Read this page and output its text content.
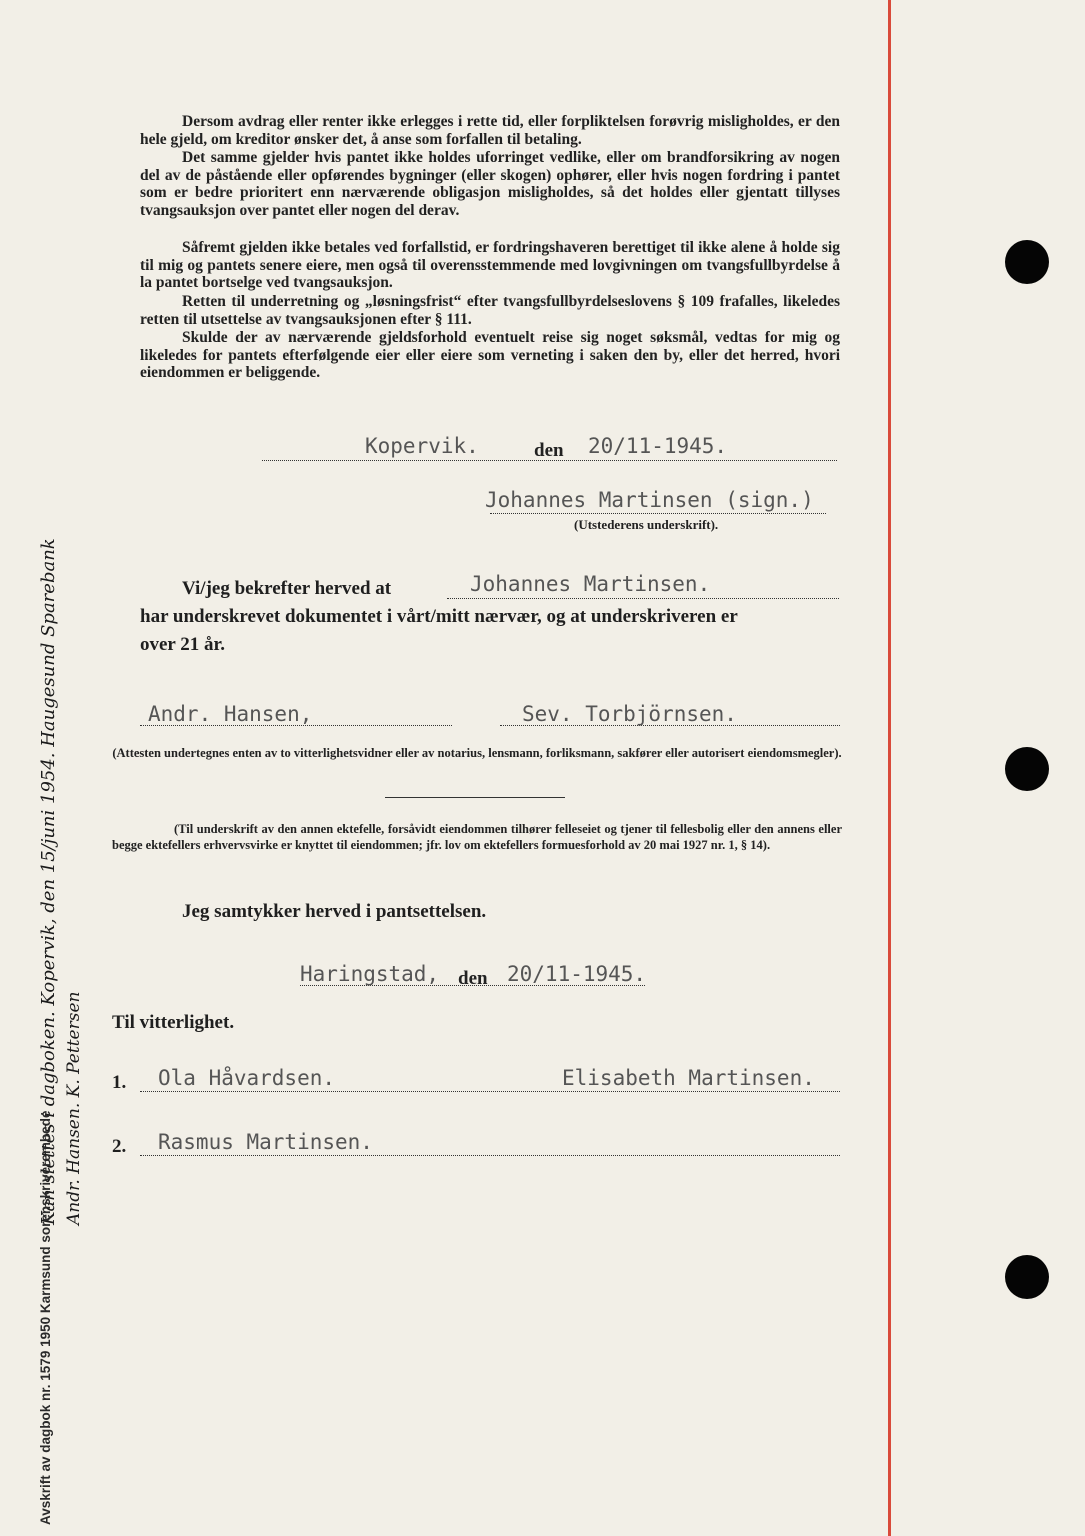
Dersom avdrag eller renter ikke erlegges i rette tid, eller forpliktelsen forøvrig misligholdes, er den hele gjeld, om kreditor ønsker det, å anse som forfallen til betaling.

Det samme gjelder hvis pantet ikke holdes uforringet vedlike, eller om brandforsikring av nogen del av de påstående eller opførendes bygninger (eller skogen) ophører, eller hvis nogen fordring i pantet som er bedre prioritert enn nærværende obligasjon misligholdes, så det holdes eller gjentatt tillyses tvangsauksjon over pantet eller nogen del derav.

Såfremt gjelden ikke betales ved forfallstid, er fordringshaveren berettiget til ikke alene å holde sig til mig og pantets senere eiere, men også til overensstemmende med lovgivningen om tvangsfullbyrdelse å la pantet bortselge ved tvangsauksjon.

Retten til underretning og „løsningsfrist“ efter tvangsfullbyrdelseslovens § 109 frafalles, likeledes retten til utsettelse av tvangsauksjonen efter § 111.

Skulde der av nærværende gjeldsforhold eventuelt reise sig noget søksmål, vedtas for mig og likeledes for pantets efterfølgende eier eller eiere som verneting i saken den by, eller det herred, hvori eiendommen er beliggende.

Kopervik.	den 20/11-1945.
Johannes Martinsen (sign.)
(Utstederens underskrift).
Vi/jeg bekrefter herved at	Johannes Martinsen.
har underskrevet dokumentet i vårt/mitt nærvær, og at underskriveren er
over 21 år.
Andr. Hansen,	Sev. Torbjörnsen.

(Attesten undertegnes enten av to vitterlighetsvidner eller av notarius, lensmann, forliksmann, sakfører eller autorisert eiendomsmegler).

(Til underskrift av den annen ektefelle, forsåvidt eiendommen tilhører felleseiet og tjener til fellesbolig eller den annens eller begge ektefellers erhvervsvirke er knyttet til eiendommen; jfr. lov om ektefellers formuesforhold av 20 mai 1927 nr. 1, § 14).

Jeg samtykker herved i pantsettelsen.
Haringstad, den 20/11-1945.
Til vitterlighet.
1. Ola Håvardsen.	Elisabeth Martinsen.
2. Rasmus Martinsen.
Kan slettes i dagboken. Kopervik, den 15/juni 1954. Haugesund Sparebank Andr. Hansen. K. Pettersen
Avskrift av dagbok nr. 1579 1950 Karmsund sorenskriverembede
